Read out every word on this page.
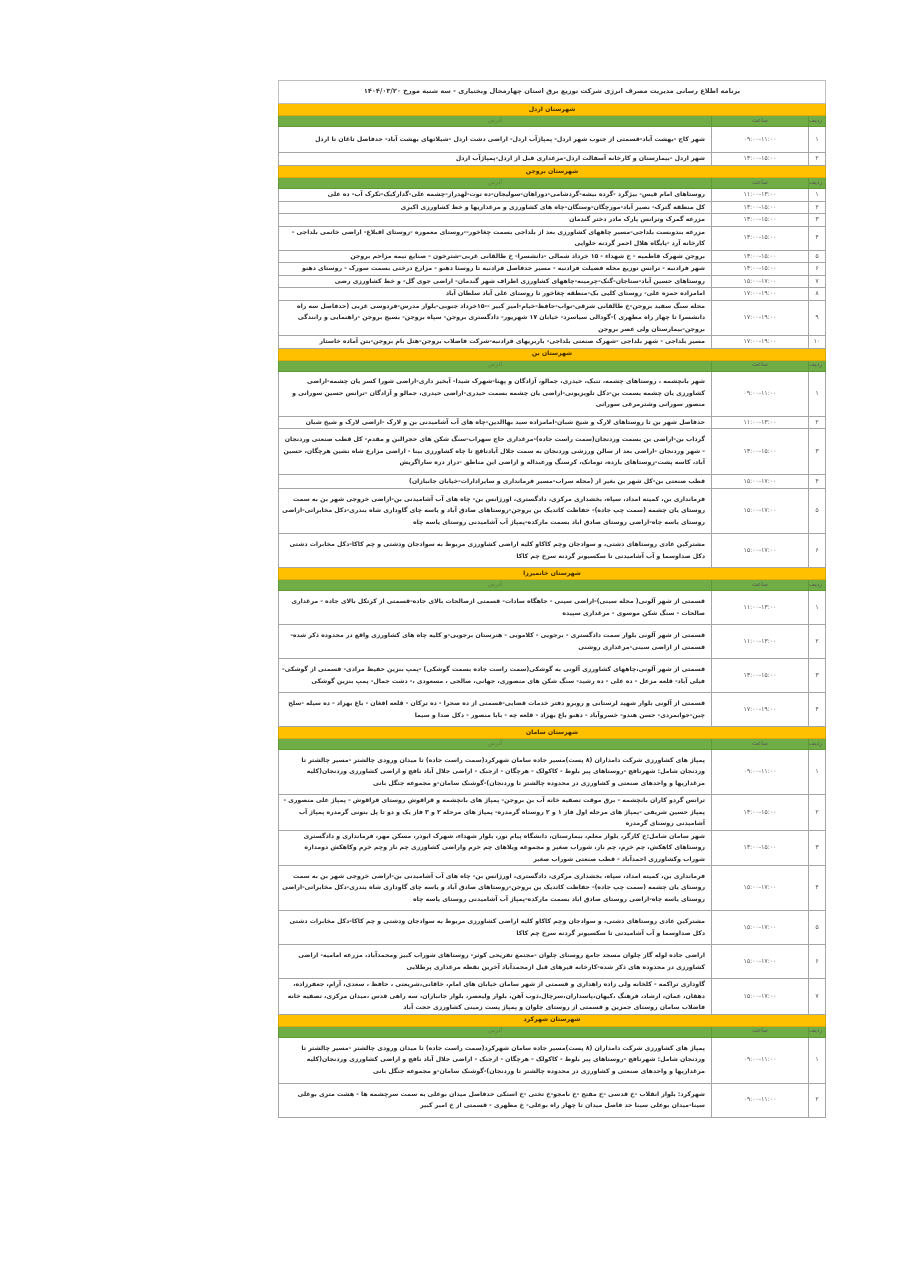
برنامه اطلاع رسانی مدیریت مصرف انرژی شرکت توزیع برق استان چهارمحال وبختیاری - سه شنبه مورخ ۱۴۰۴/۰۳/۲۰		
شهرستان اردل		
ردیف	ساعت	آدرس
۱	۰۹:۰۰-۱۱:۰۰	شهر کاج -بهشت آباد-قسمتی از جنوب شهر اردل- پمپاژآب اردل- اراضی دشت اردل -شیلاتهای بهشت آباد- حدفاصل تاغان تا اردل
۲	۱۳:۰۰-۱۵:۰۰	شهر اردل -بیمارستان و کارخانه آسفالت اردل-مرغداری قبل از اردل-پمپاژآب اردل
شهرستان بروجن		
ردیف	ساعت	آدرس
۱	۱۱:۰۰-۱۳:۰۰	روستاهای امام قیس- بیژگرد -گرده بیشه-گردشامی-دوراهان-سولیجان-ده توت-لهدراز-چشمه علی-گدارکبک-تکرک آب- ده علی
۲	۱۳:۰۰-۱۵:۰۰	کل منطقه گترک- نصیر آباد-مورچگان-وستگان-چاه های کشاورزی و مرغداریها و خط کشاورزی اکبری
۳	۱۳:۰۰-۱۵:۰۰	مزرعه گمرک وترانس پارک مادر دختر گندمان
۴	۱۳:۰۰-۱۵:۰۰	مزرعه بندوبست بلداجی-مسیر چاههای کشاورزی بعد از بلداجی بسمت چغاخور--روستای معموره -روستای اقبلاغ- اراضی خاتمی بلداجی - کارخانه آرد -پایگاه هلال احمر گردنه حلوایی
۵	۱۳:۰۰-۱۵:۰۰	بروجن شهرک فاطمیه - خ شهداء - ۱۵ خرداد شمالی -دانشسرا- خ طالقانی غربی-شترخون - صنایع نیمه مزاحم بروجن
۶	۱۳:۰۰-۱۵:۰۰	شهر فرادنبه - ترانس توزیع محله فضیلت فرادنبه - مسیر حدفاصل فرادنبه تا روستا دهنو - مزارع درختی بسمت سورک - روستای دهنو
۷	۱۵:۰۰-۱۷:۰۰	روستاهای حسین آباد-سناجان-گنک-چرمینه-چاههای کشاورزی اطراف شهر گندمان- اراضی جوی گل- و خط کشاورزی رضی
۸	۱۷:۰۰-۱۹:۰۰	امامزاده حمزه علی- روستای کلیی بک-منطقه چغاخور تا روستای علی آباد سلطان آباد
۹	۱۷:۰۰-۱۹:۰۰	محله سنگ سفید بروجن-خ طالقانی شرقی-نواب-حافظ-خیام-امیر کبیر --۱۵خرداد جنوبی-بلوار مدرس-فردوسی غربی (حدفاصل سه راه دانشسرا تا چهار راه مطهری )-گودالی سیاسرد- خیابان ۱۷ شهریور- دادگستری بروجن- سپاه بروجن- بسیج بروجن -راهنمایی و رانندگی بروجن-بیمارستان ولی عصر بروجن
۱۰	۱۷:۰۰-۱۹:۰۰	مسیر بلداجی - شهر بلداجی -شهرک صنعتی بلداجی- باربریهای فرادنبه-شرکت فاضلاب بروجن-هتل بام بروجن-بتن آماده خاستار
شهرستان بن		
ردیف	ساعت	آدرس
۱	۰۹:۰۰-۱۱:۰۰	شهر بانچشمه ، روستاهای چشمه، تنبک، حیدری، جمالو، آزادگان و پهنا-شهرک شیدا- آبخیز داری-اراضی شورا کسر یان چشمه-اراضی کشاورزی یان چشمه بسمت بن-دکل تلویزیونی-اراضی یان چشمه بسمت حیدری-اراضی حیدری، جمالو و آزادگان -ترانس حسین سورانی و منصور سورانی وشترمرغی سورانی
۲	۱۱:۰۰-۱۳:۰۰	حدفاصل شهر بن تا روستاهای لارک و شیخ شبان-امامزاده سید بهاالدین-چاه های آب آشامیدنی بن و لارک -اراضی لارک و شیخ شبان
۳	۱۳:۰۰-۱۵:۰۰	گرداب بن-اراضی بن بسمت وردنجان(سمت راست جاده)-مرغداری حاج سهراب-سنگ شکن های حجرالبن و مقدم- کل قطب صنعتی وردنجان - شهر وردنجان -اراضی بعد از سالن ورزشی وردنجان به سمت جلال آبادنافچ تا چاه کشاورزی بینا - اراضی مزارع شاه نشین هرچگان، حسین آباد، کاسه پشت-روستاهای بارده، تومانک، کرسنگ ورعبداله و اراضی این مناطق -دراز دره ساراگریش
۴	۱۵:۰۰-۱۷:۰۰	قطب صنعتی بن-کل شهر بن بغیر از (محله سراب-مسیر فرمانداری و سایرادارات-خیابان جانبازان)
۵	۱۵:۰۰-۱۷:۰۰	فرمانداری بن، کمیته امداد، سپاه، بخشداری مرکزی، دادگستری، اورژانس بن- چاه های آب آشامیدنی بن-اراضی خروجی شهر بن به سمت روستای یان چشمه (سمت چپ جاده)- حفاظت کاتدیک بن بروجن-روستاهای صادق آباد و یاسه چای گاوداری شاه بندری-دکل مخابراتی-اراضی روستای یاسه چاه-اراضی روستای صادق اباد بسمت مارکده-پمپاژ آب آشامیدنی روستای یاسه چاه
۶	۱۵:۰۰-۱۷:۰۰	مشترکین عادی روستاهای دشتی، و سوادجان وچم کاکاو کلیه اراضی کشاورزی مربوط به سوادجان ودشتی و چم کاکا-دکل مخابرات دشتی دکل صداوسما و آب آشامیدنی تا سکسیونر گردنه سرخ چم کاکا
شهرستان خانمیرزا		
ردیف	ساعت	آدرس
۱	۱۱:۰۰-۱۳:۰۰	قسمتی از شهر آلونی( محله سینی)-اراضی سینی - جاهگاه سادات- قسمتی ازصالحات بالای جاده-قسمتی از کرتکل بالای جاده - مرغداری صالحات - سنگ شکن موسوی - مرغداری سپیده
۲	۱۱:۰۰-۱۳:۰۰	قسمتی از شهر آلونی بلوار سمت دادگستری - برجویی - کلاموبی - هنرستان برجویی-و کلیه چاه های کشاورزی واقع در محدوده ذکر شده-قسمتی از اراضی سینی-مرغداری روشنی
۳	۱۳:۰۰-۱۵:۰۰	قسمتی از شهر آلونی،چاههای کشاورزی آلونی به گوشکی(سمت راست جاده بسمت گوشکی) -پمپ بنزین حفیظ مرادی- قسمتی از گوشکی- فیلی آباد- قلعه مزعل - ده علی - ده رشید- سنگ شکن های منصوری، جهانی، صالحی ، مسعودی ،- دشت جمال- پمپ بنزین گوشکی
۴	۱۷:۰۰-۱۹:۰۰	قسمتی از آلونی بلوار شهید لرستانی و روبرو دفتر خدمات قضایی-قسمتی از ده صحرا - ده ترکان - قلعه افغان - باغ بهزاد - ده سیله -سلح چین-جوانمردی- حسن هندو- خسروآباد - دهنو باغ بهزاد - قلعه چه - بابا منصور - دکل صدا و سیما
شهرستان سامان		
ردیف	ساعت	آدرس
۱	۰۹:۰۰-۱۱:۰۰	پمپاژ های کشاورزی شرکت دامداران (۸ پست)مسیر جاده سامان شهرکرد(سمت راست جاده) تا میدان ورودی چالشتر -مسیر چالشتر تا وردنجان شامل: شهرنافچ -روستاهای پیر بلوط - کاکولک - هرچگان - ارجنک - اراضی جلال آباد نافچ و اراضی کشاورزی وردنجان(کلیه مرغداریها و واحدهای صنعتی و کشاورزی در محدوده چالشتر تا وردنجان)-گوشنک سامان-و مجموعه جنگل بانی
۲	۱۳:۰۰-۱۵:۰۰	ترانس گردو کاران بانچشمه - برق موقت تصفیه خانه آب بن بروجن- پمپاژ های بانچشمه و قراقوش روستای قراقوش - پمپاژ علی منصوری - پمپاژ حسین شریفی -پمپاژ های مرحله اول فاز ۱ و ۲ روستاه گرمدره- پمپاژ های مرحله ۲ و ۳ فاز یک و دو تا پل بتونی گرمدره پمپاژ آب آشامیدنی روستای گرمدره
۳	۱۳:۰۰-۱۵:۰۰	شهر سامان شامل:خ کارگر، بلوار معلم، بیمارستان، دانشگاه پیام نور، بلوار شهداء، شهرک ابوذر، مسکن مهر، فرمانداری و دادگستری روستاهای کاهکش، چم خرم، چم نار، شوراب صغیر و مجموعه ویلاهای چم خرم واراضی کشاورزی چم نار وچم خرم وکاهکش دومداره شوراب وکشاورزی احمدآباد - قطب صنعتی شوراب صغیر
۴	۱۵:۰۰-۱۷:۰۰	فرمانداری بن، کمیته امداد، سپاه، بخشداری مرکزی، دادگستری، اورژانس بن- چاه های آب آشامیدنی بن-اراضی خروجی شهر بن به سمت روستای یان چشمه (سمت چپ جاده)- حفاظت کاتدیک بن بروجن-روستاهای صادق آباد و یاسه چای گاوداری شاه بندری-دکل مخابراتی-اراضی روستای یاسه چاه-اراضی روستای صادق اباد بسمت مارکده-پمپاژ آب آشامیدنی روستای یاسه چاه
۵	۱۵:۰۰-۱۷:۰۰	مشترکین عادی روستاهای دشتی، و سوادجان وچم کاکاو کلیه اراضی کشاورزی مربوط به سوادجان ودشتی و چم کاکا-دکل مخابرات دشتی دکل صداوسما و آب آشامیدنی تا سکسیونر گردنه سرخ چم کاکا
۶	۱۵:۰۰-۱۷:۰۰	اراضی جاده لوله گاز چلوان مسجد جامع روستای چلوان -مجتمع تفریحی کوثر- روستاهای شوراب کبیر ومحمدآباد، مزرعه امامیه- اراضی کشاورزی در محدوده های ذکر شده-کارخانه قیرهای قبل ازمحمدآباد آخرین نقطه مرغداری پرطلایی
۷	۱۵:۰۰-۱۷:۰۰	گاوداری تراکمه - کلخانه ولی زاده راهداری و قسمتی از شهر سامان خیابان های امام، خاقانی،شریعتی ، حافظ ، سعدی، آرام، جعفرزاده، دهقان، عمان، ارشاد، فرهنگ ،کیهان،پاسداران،سرچال،ذوب آهن، بلوار ولیعصر، بلوار جانبازان، سه راهی قدس ،میدان مرکزی، تصفیه خانه فاضلاب سامان روستای جمزین و قسمتی از روستای چلوان و پمپاژ پست زمینی کشاورزی حجت آباد
شهرستان شهرکرد		
ردیف	ساعت	آدرس
۱	۰۹:۰۰-۱۱:۰۰	پمپاژ های کشاورزی شرکت دامداران (۸ پست)مسیر جاده سامان شهرکرد(سمت راست جاده) تا میدان ورودی چالشتر -مسیر چالشتر تا وردنجان شامل: شهرنافچ -روستاهای پیر بلوط - کاکولک - هرچگان - ارجنک - اراضی جلال آباد نافچ و اراضی کشاورزی وردنجان(کلیه مرغداریها و واحدهای صنعتی و کشاورزی در محدوده چالشتر تا وردنجان)-گوشنک سامان-و مجموعه جنگل بانی
۲	۰۹:۰۰-۱۱:۰۰	شهرکرد: بلوار انقلاب -خ قدسی -خ مفتح -خ نامجو-خ تختی -خ استکی حدفاصل میدان بوعلی به سمت سرچشمه ها - هشت متری بوعلی سینا-میدان بوعلی سینا حد فاصل میدان تا چهار راه بوعلی- خ مطهری - قسمتی از خ امیر کبیر
